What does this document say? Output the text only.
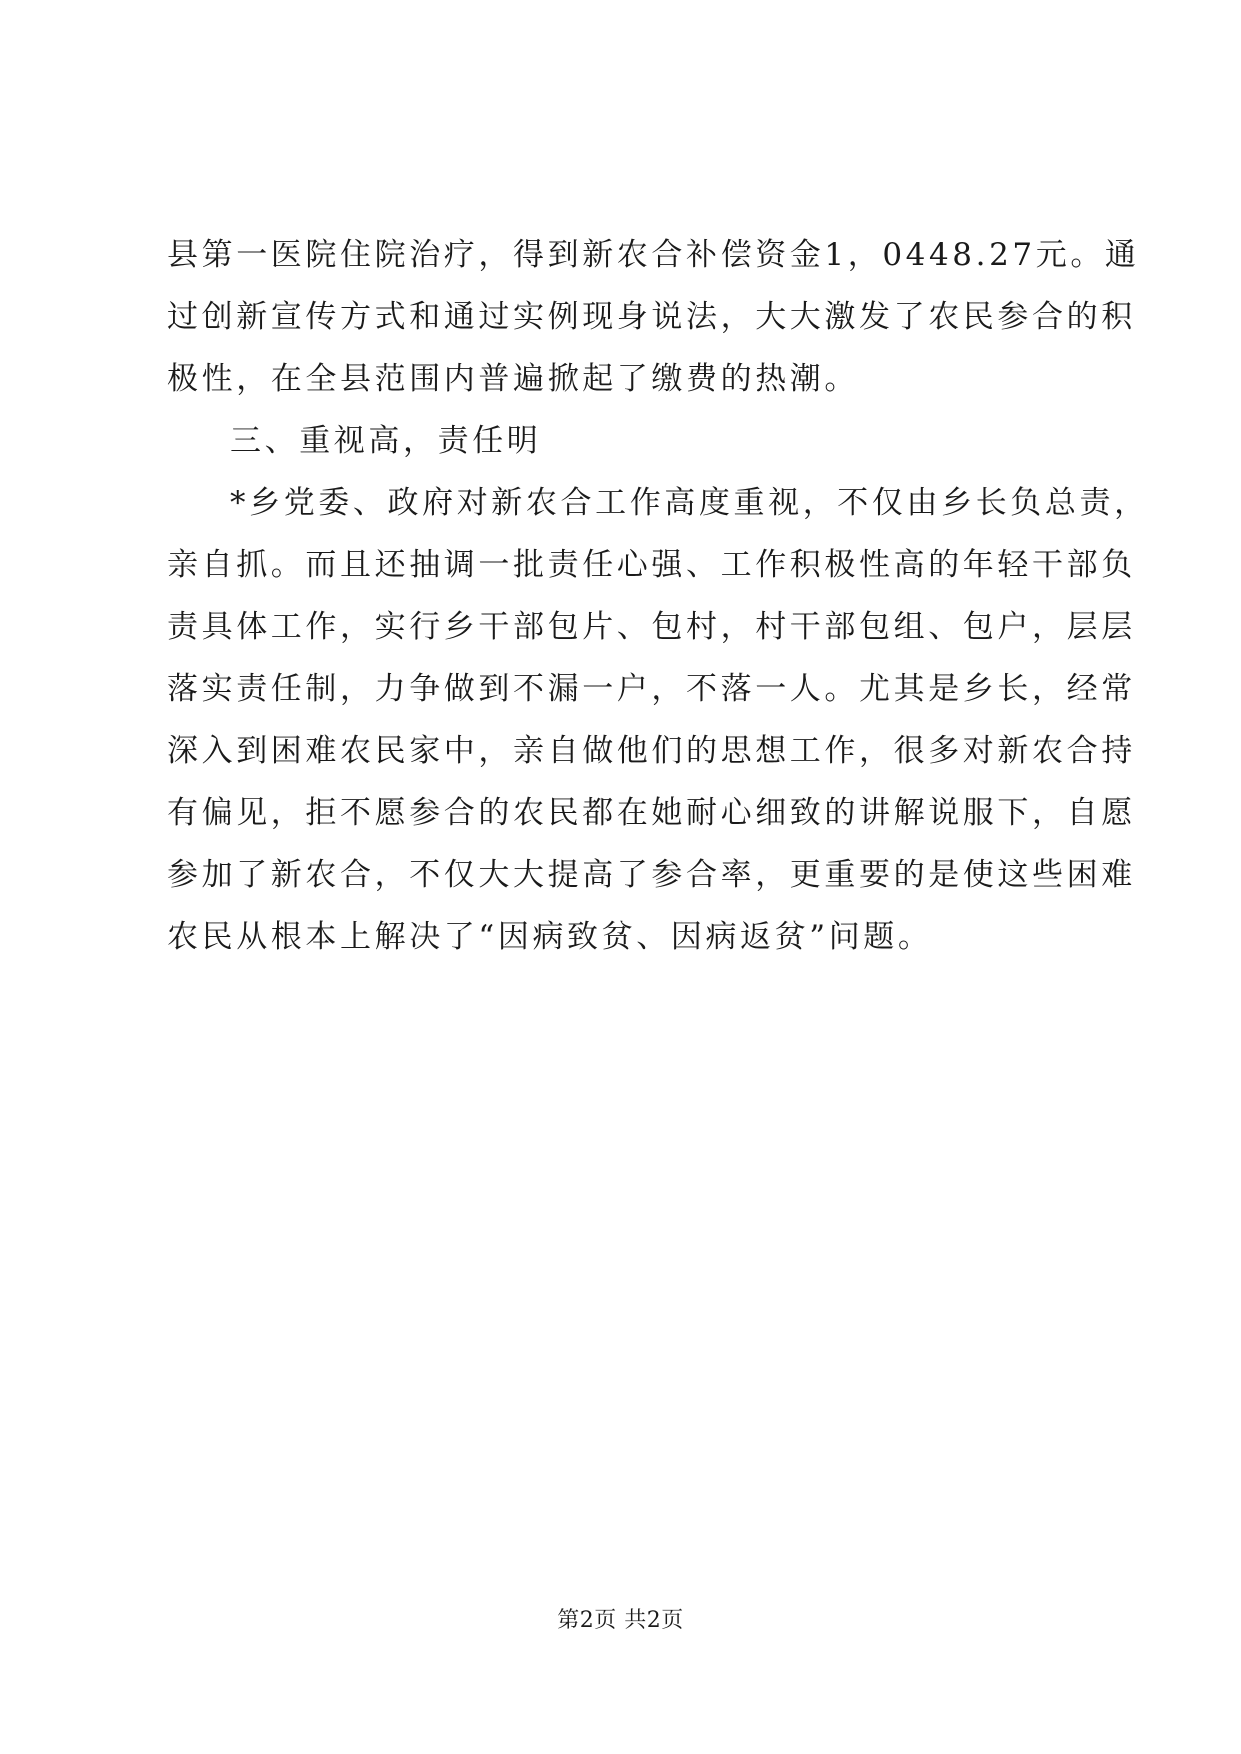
县第一医院住院治疗，得到新农合补偿资金1，0448.27元。通
过创新宣传方式和通过实例现身说法，大大激发了农民参合的积
极性，在全县范围内普遍掀起了缴费的热潮。
三、重视高，责任明
*乡党委、政府对新农合工作高度重视，不仅由乡长负总责，
亲自抓。而且还抽调一批责任心强、工作积极性高的年轻干部负
责具体工作，实行乡干部包片、包村，村干部包组、包户，层层
落实责任制，力争做到不漏一户，不落一人。尤其是乡长，经常
深入到困难农民家中，亲自做他们的思想工作，很多对新农合持
有偏见，拒不愿参合的农民都在她耐心细致的讲解说服下，自愿
参加了新农合，不仅大大提高了参合率，更重要的是使这些困难
农民从根本上解决了“因病致贫、因病返贫”问题。
第2页 共2页
